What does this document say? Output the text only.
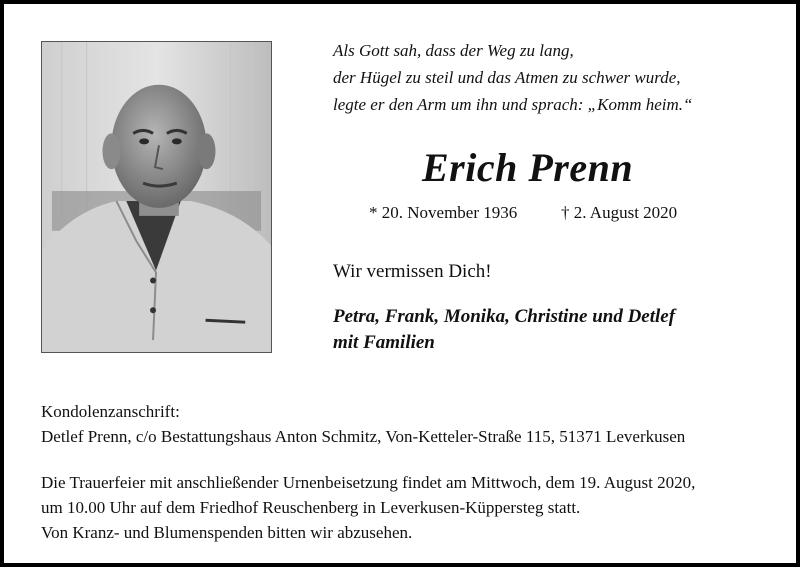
Als Gott sah, dass der Weg zu lang,
der Hügel zu steil und das Atmen zu schwer wurde,
legte er den Arm um ihn und sprach: „Komm heim.“
Erich Prenn
* 20. November 1936	† 2. August 2020
Wir vermissen Dich!
Petra, Frank, Monika, Christine und Detlef
mit Familien
Kondolenzanschrift:
Detlef Prenn, c/o Bestattungshaus Anton Schmitz, Von-Ketteler-Straße 115, 51371 Leverkusen
Die Trauerfeier mit anschließender Urnenbeisetzung findet am Mittwoch, dem 19. August 2020,
um 10.00 Uhr auf dem Friedhof Reuschenberg in Leverkusen-Küppersteg statt.
Von Kranz- und Blumenspenden bitten wir abzusehen.
